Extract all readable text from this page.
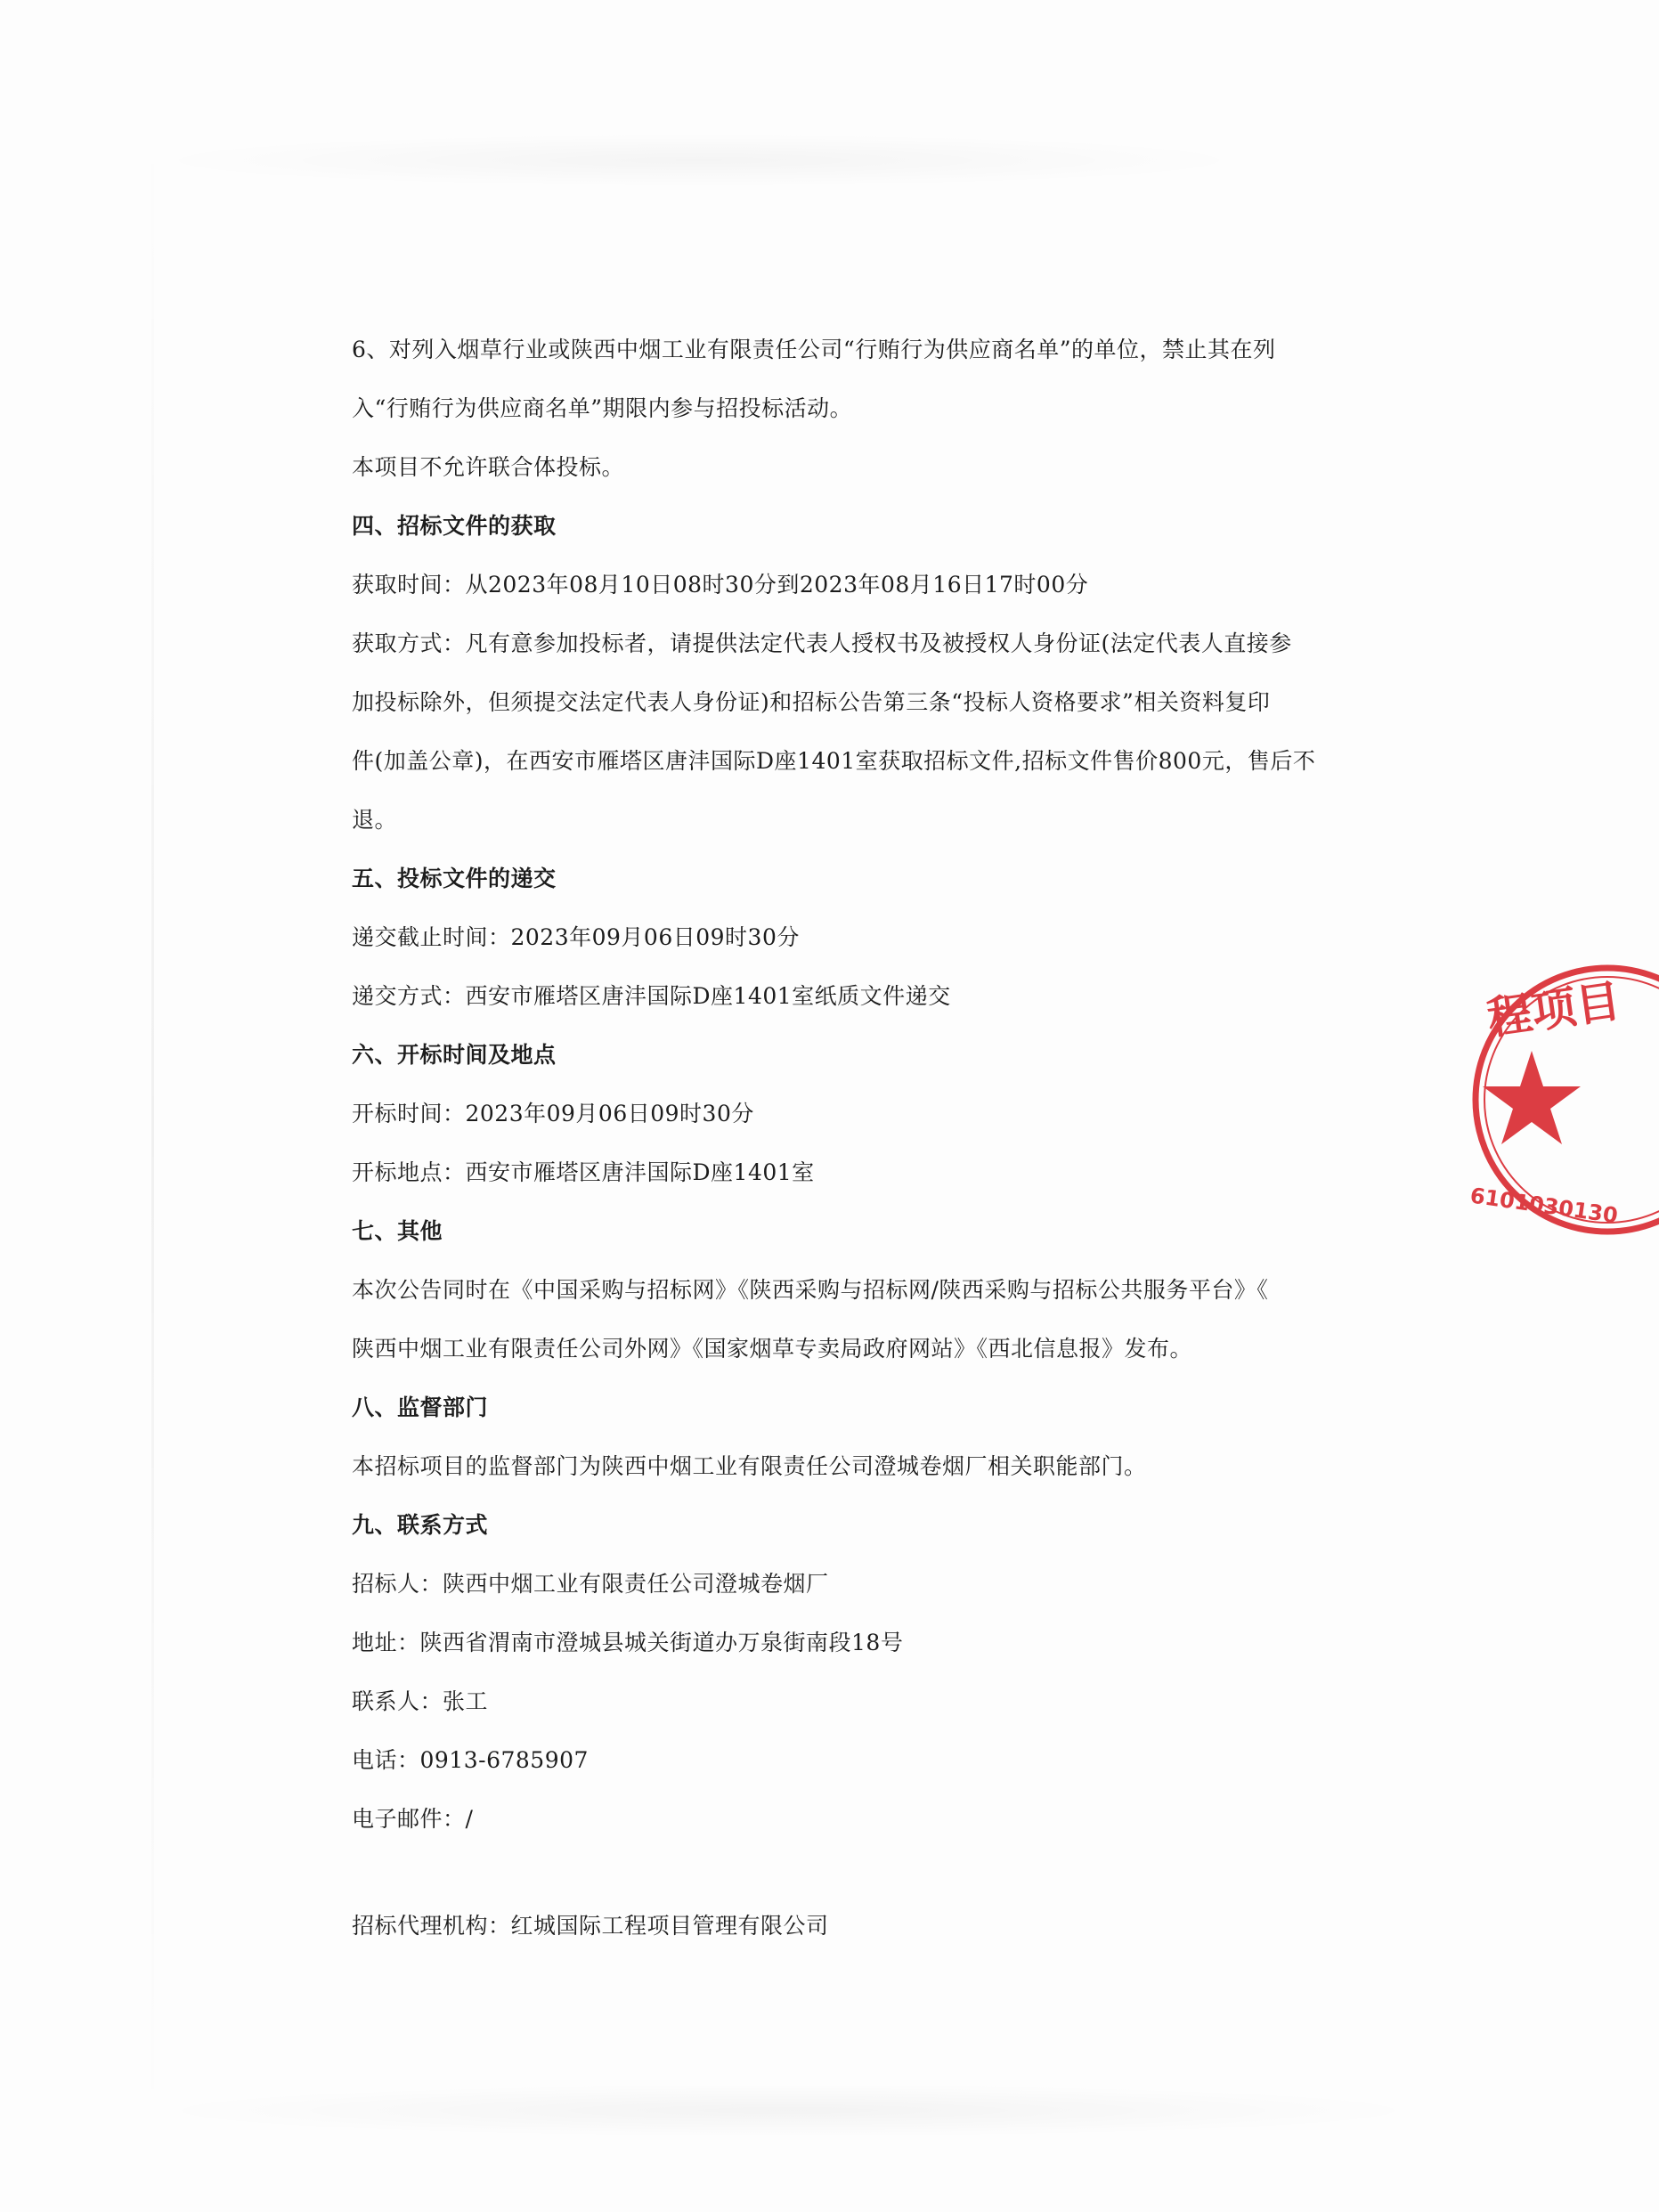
6、对列入烟草行业或陕西中烟工业有限责任公司“行贿行为供应商名单”的单位，禁止其在列
入“行贿行为供应商名单”期限内参与招投标活动。
本项目不允许联合体投标。
四、招标文件的获取
获取时间：从2023年08月10日08时30分到2023年08月16日17时00分
获取方式：凡有意参加投标者，请提供法定代表人授权书及被授权人身份证(法定代表人直接参
加投标除外，但须提交法定代表人身份证)和招标公告第三条“投标人资格要求”相关资料复印
件(加盖公章)，在西安市雁塔区唐沣国际D座1401室获取招标文件,招标文件售价800元，售后不
退。
五、投标文件的递交
递交截止时间：2023年09月06日09时30分
递交方式：西安市雁塔区唐沣国际D座1401室纸质文件递交
六、开标时间及地点
开标时间：2023年09月06日09时30分
开标地点：西安市雁塔区唐沣国际D座1401室
七、其他
本次公告同时在《中国采购与招标网》《陕西采购与招标网/陕西采购与招标公共服务平台》《
陕西中烟工业有限责任公司外网》《国家烟草专卖局政府网站》《西北信息报》发布。
八、监督部门
本招标项目的监督部门为陕西中烟工业有限责任公司澄城卷烟厂相关职能部门。
九、联系方式
招标人：陕西中烟工业有限责任公司澄城卷烟厂
地址：陕西省渭南市澄城县城关街道办万泉街南段18号
联系人：张工
电话：0913-6785907
电子邮件：/
招标代理机构：红城国际工程项目管理有限公司
程项目
6101030130
